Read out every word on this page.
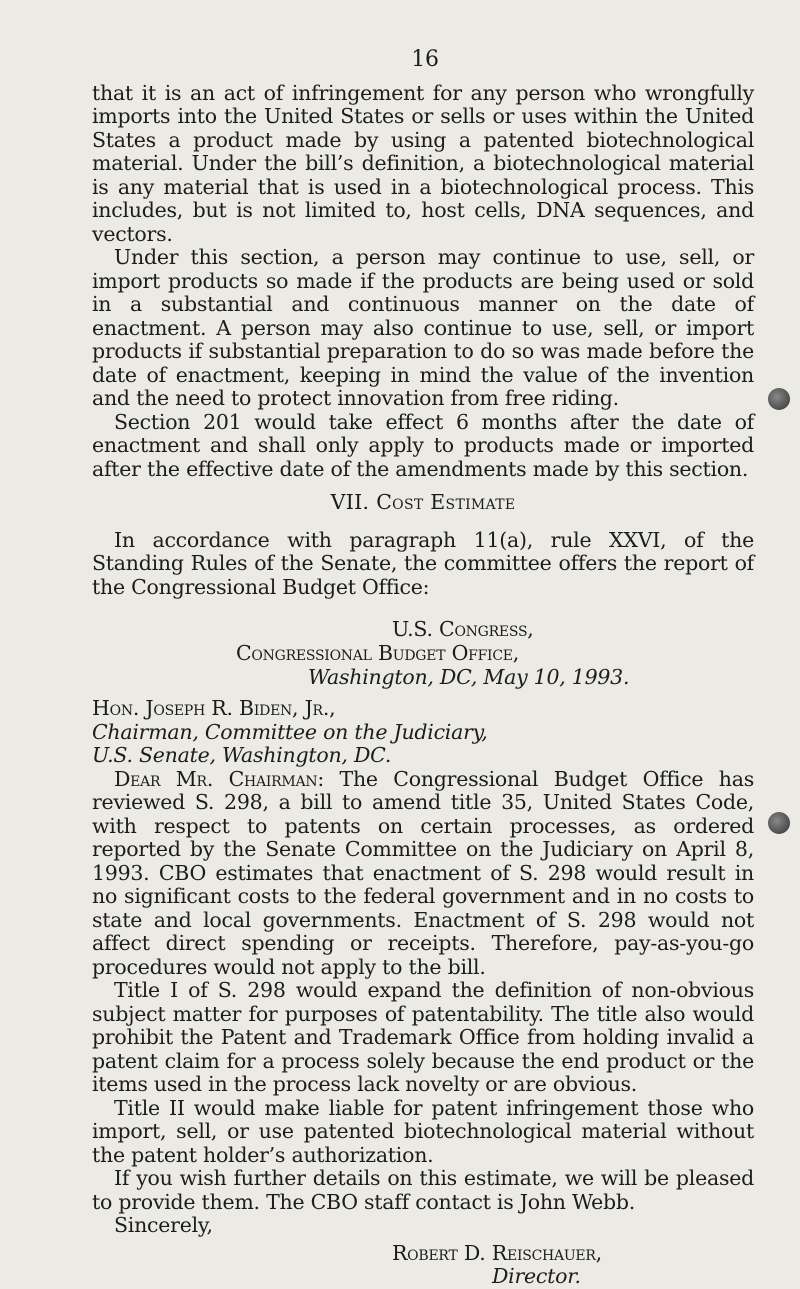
16

that it is an act of infringement for any person who wrongfully imports into the United States or sells or uses within the United States a product made by using a patented biotechnological material. Under the bill’s definition, a biotechnological material is any material that is used in a biotechnological process. This includes, but is not limited to, host cells, DNA sequences, and vectors.

Under this section, a person may continue to use, sell, or import products so made if the products are being used or sold in a substantial and continuous manner on the date of enactment. A person may also continue to use, sell, or import products if substantial preparation to do so was made before the date of enactment, keeping in mind the value of the invention and the need to protect innovation from free riding.

Section 201 would take effect 6 months after the date of enactment and shall only apply to products made or imported after the effective date of the amendments made by this section.

VII. Cost Estimate

In accordance with paragraph 11(a), rule XXVI, of the Standing Rules of the Senate, the committee offers the report of the Congressional Budget Office:

U.S. Congress,
Congressional Budget Office,
Washington, DC, May 10, 1993.
Hon. Joseph R. Biden, Jr.,
Chairman, Committee on the Judiciary,
U.S. Senate, Washington, DC.

Dear Mr. Chairman: The Congressional Budget Office has reviewed S. 298, a bill to amend title 35, United States Code, with respect to patents on certain processes, as ordered reported by the Senate Committee on the Judiciary on April 8, 1993. CBO estimates that enactment of S. 298 would result in no significant costs to the federal government and in no costs to state and local governments. Enactment of S. 298 would not affect direct spending or receipts. Therefore, pay-as-you-go procedures would not apply to the bill.

Title I of S. 298 would expand the definition of non-obvious subject matter for purposes of patentability. The title also would prohibit the Patent and Trademark Office from holding invalid a patent claim for a process solely because the end product or the items used in the process lack novelty or are obvious.

Title II would make liable for patent infringement those who import, sell, or use patented biotechnological material without the patent holder’s authorization.

If you wish further details on this estimate, we will be pleased to provide them. The CBO staff contact is John Webb.

Sincerely,
Robert D. Reischauer,
Director.
